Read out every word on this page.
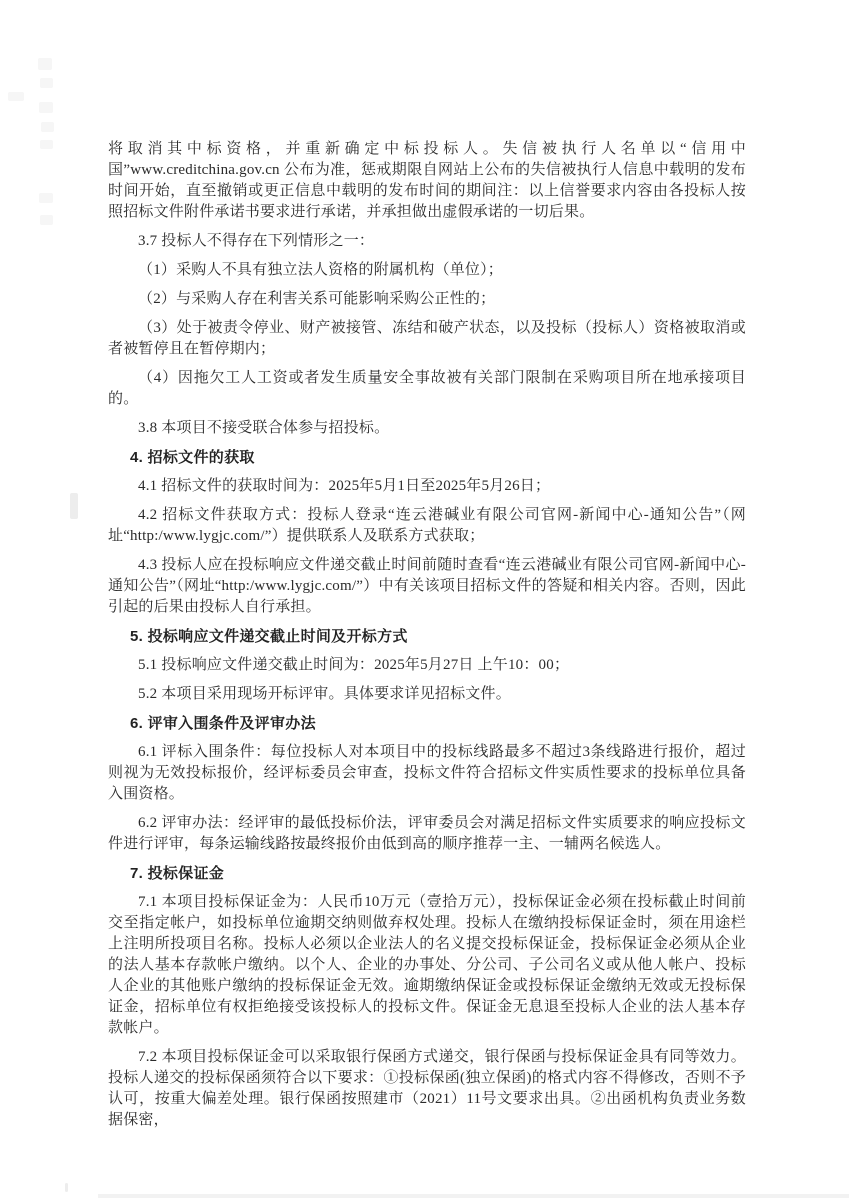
将取消其中标资格，并重新确定中标投标人。失信被执行人名单以“信用中国”www.creditchina.gov.cn 公布为准，惩戒期限自网站上公布的失信被执行人信息中载明的发布时间开始，直至撤销或更正信息中载明的发布时间的期间注：以上信誉要求内容由各投标人按照招标文件附件承诺书要求进行承诺，并承担做出虚假承诺的一切后果。

3.7 投标人不得存在下列情形之一：

（1）采购人不具有独立法人资格的附属机构（单位）；

（2）与采购人存在利害关系可能影响采购公正性的；

（3）处于被责令停业、财产被接管、冻结和破产状态，以及投标（投标人）资格被取消或者被暂停且在暂停期内；

（4）因拖欠工人工资或者发生质量安全事故被有关部门限制在采购项目所在地承接项目的。

3.8 本项目不接受联合体参与招投标。

4. 招标文件的获取

4.1 招标文件的获取时间为：2025年5月1日至2025年5月26日；

4.2 招标文件获取方式：投标人登录“连云港碱业有限公司官网-新闻中心-通知公告”（网址“http:/www.lygjc.com/”）提供联系人及联系方式获取；

4.3 投标人应在投标响应文件递交截止时间前随时查看“连云港碱业有限公司官网-新闻中心-通知公告”（网址“http:/www.lygjc.com/”）中有关该项目招标文件的答疑和相关内容。否则，因此引起的后果由投标人自行承担。

5. 投标响应文件递交截止时间及开标方式

5.1 投标响应文件递交截止时间为：2025年5月27日 上午10：00；

5.2 本项目采用现场开标评审。具体要求详见招标文件。

6. 评审入围条件及评审办法

6.1 评标入围条件：每位投标人对本项目中的投标线路最多不超过3条线路进行报价，超过则视为无效投标报价，经评标委员会审查，投标文件符合招标文件实质性要求的投标单位具备入围资格。

6.2 评审办法：经评审的最低投标价法，评审委员会对满足招标文件实质要求的响应投标文件进行评审，每条运输线路按最终报价由低到高的顺序推荐一主、一辅两名候选人。

7. 投标保证金

7.1 本项目投标保证金为：人民币10万元（壹拾万元），投标保证金必须在投标截止时间前交至指定帐户，如投标单位逾期交纳则做弃权处理。投标人在缴纳投标保证金时，须在用途栏上注明所投项目名称。投标人必须以企业法人的名义提交投标保证金，投标保证金必须从企业的法人基本存款帐户缴纳。以个人、企业的办事处、分公司、子公司名义或从他人帐户、投标人企业的其他账户缴纳的投标保证金无效。逾期缴纳保证金或投标保证金缴纳无效或无投标保证金，招标单位有权拒绝接受该投标人的投标文件。保证金无息退至投标人企业的法人基本存款帐户。

7.2 本项目投标保证金可以采取银行保函方式递交，银行保函与投标保证金具有同等效力。投标人递交的投标保函须符合以下要求：①投标保函(独立保函)的格式内容不得修改，否则不予认可，按重大偏差处理。银行保函按照建市（2021）11号文要求出具。②出函机构负责业务数据保密，
